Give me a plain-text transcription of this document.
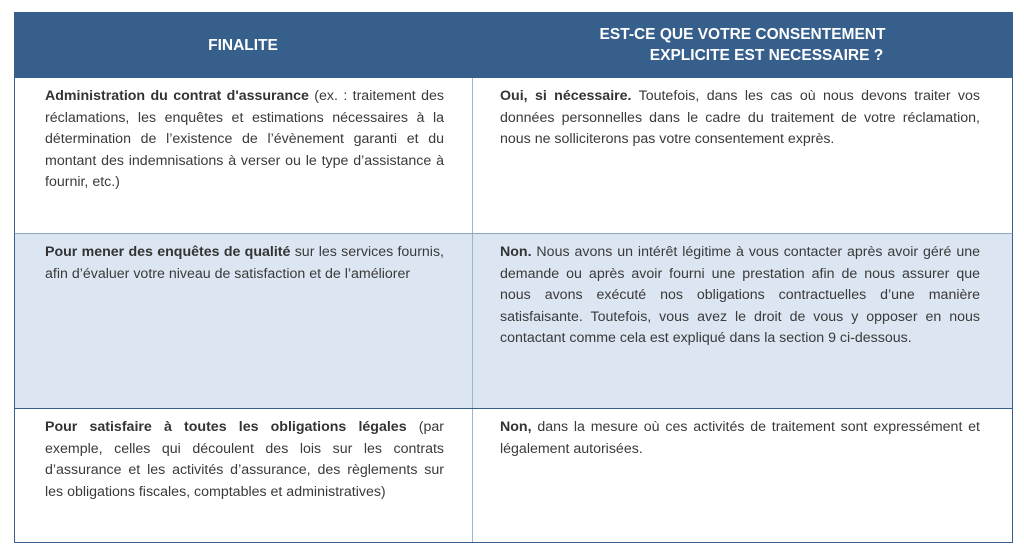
FINALITE
EST-CE QUE VOTRE CONSENTEMENT
EXPLICITE EST NECESSAIRE ?
Administration du contrat d'assurance (ex. : traitement des réclamations, les enquêtes et estimations nécessaires à la détermination de l’existence de l’évènement garanti et du montant des indemnisations à verser ou le type d’assistance à fournir, etc.)
Oui, si nécessaire. Toutefois, dans les cas où nous devons traiter vos données personnelles dans le cadre du traitement de votre réclamation, nous ne solliciterons pas votre consentement exprès.
Pour mener des enquêtes de qualité sur les services fournis, afin d’évaluer votre niveau de satisfaction et de l’améliorer
Non. Nous avons un intérêt légitime à vous contacter après avoir géré une demande ou après avoir fourni une prestation afin de nous assurer que nous avons exécuté nos obligations contractuelles d’une manière satisfaisante. Toutefois, vous avez le droit de vous y opposer en nous contactant comme cela est expliqué dans la section 9 ci-dessous.
Pour satisfaire à toutes les obligations légales (par exemple, celles qui découlent des lois sur les contrats d’assurance et les activités d’assurance, des règlements sur les obligations fiscales, comptables et administratives)
Non, dans la mesure où ces activités de traitement sont expressément et légalement autorisées.
